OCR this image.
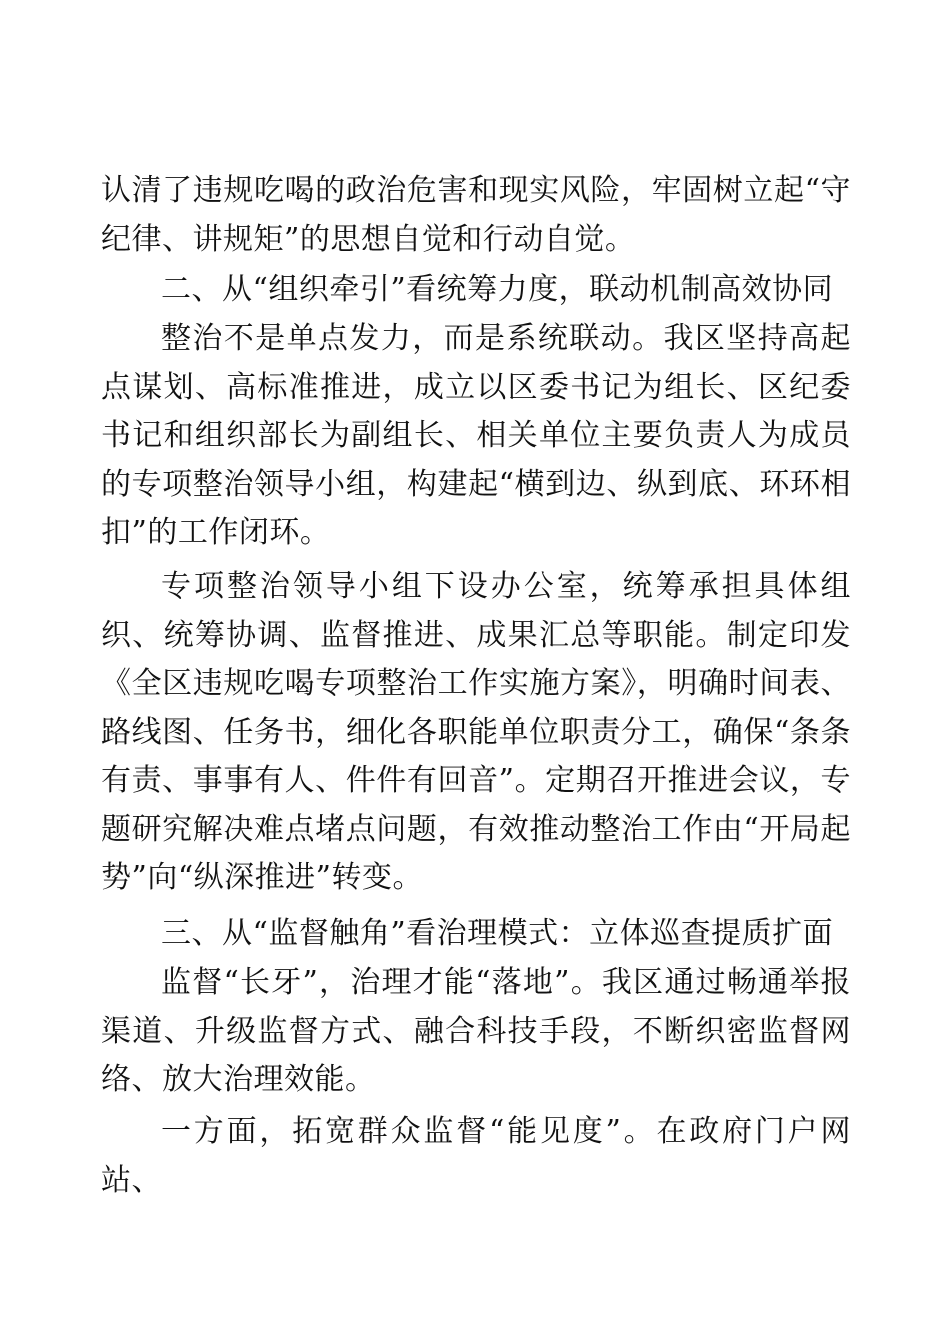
认清了违规吃喝的政治危害和现实风险，牢固树立起“守纪律、讲规矩”的思想自觉和行动自觉。

二、从“组织牵引”看统筹力度，联动机制高效协同

整治不是单点发力，而是系统联动。我区坚持高起点谋划、高标准推进，成立以区委书记为组长、区纪委书记和组织部长为副组长、相关单位主要负责人为成员的专项整治领导小组，构建起“横到边、纵到底、环环相扣”的工作闭环。

专项整治领导小组下设办公室，统筹承担具体组织、统筹协调、监督推进、成果汇总等职能。制定印发《全区违规吃喝专项整治工作实施方案》，明确时间表、路线图、任务书，细化各职能单位职责分工，确保“条条有责、事事有人、件件有回音”。定期召开推进会议，专题研究解决难点堵点问题，有效推动整治工作由“开局起势”向“纵深推进”转变。

三、从“监督触角”看治理模式：立体巡查提质扩面

监督“长牙”，治理才能“落地”。我区通过畅通举报渠道、升级监督方式、融合科技手段，不断织密监督网络、放大治理效能。

一方面，拓宽群众监督“能见度”。在政府门户网站、
